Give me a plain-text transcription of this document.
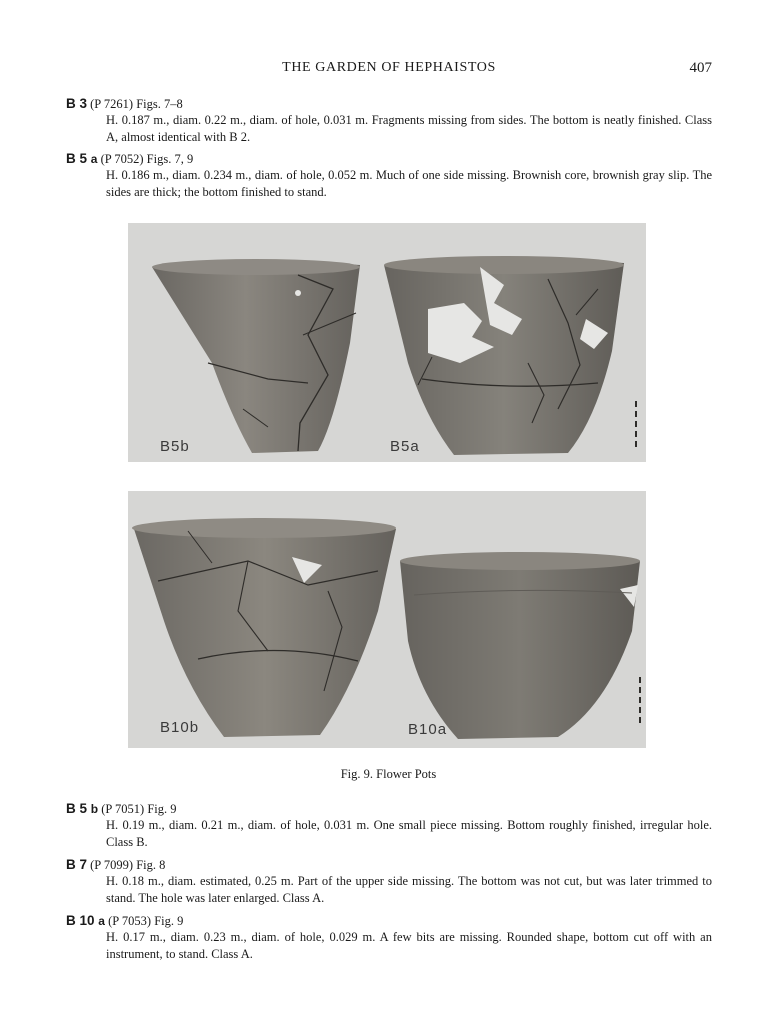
THE GARDEN OF HEPHAISTOS	407
B 3 (P 7261) Figs. 7–8
H. 0.187 m., diam. 0.22 m., diam. of hole, 0.031 m. Fragments missing from sides. The bottom is neatly finished. Class A, almost identical with B 2.
B 5 a (P 7052) Figs. 7, 9
H. 0.186 m., diam. 0.234 m., diam. of hole, 0.052 m. Much of one side missing. Brownish core, brownish gray slip. The sides are thick; the bottom finished to stand.
B5b	B5a
B10b	B10a
Fig. 9. Flower Pots
B 5 b (P 7051) Fig. 9
H. 0.19 m., diam. 0.21 m., diam. of hole, 0.031 m. One small piece missing. Bottom roughly finished, irregular hole. Class B.
B 7 (P 7099) Fig. 8
H. 0.18 m., diam. estimated, 0.25 m. Part of the upper side missing. The bottom was not cut, but was later trimmed to stand. The hole was later enlarged. Class A.
B 10 a (P 7053) Fig. 9
H. 0.17 m., diam. 0.23 m., diam. of hole, 0.029 m. A few bits are missing. Rounded shape, bottom cut off with an instrument, to stand. Class A.
